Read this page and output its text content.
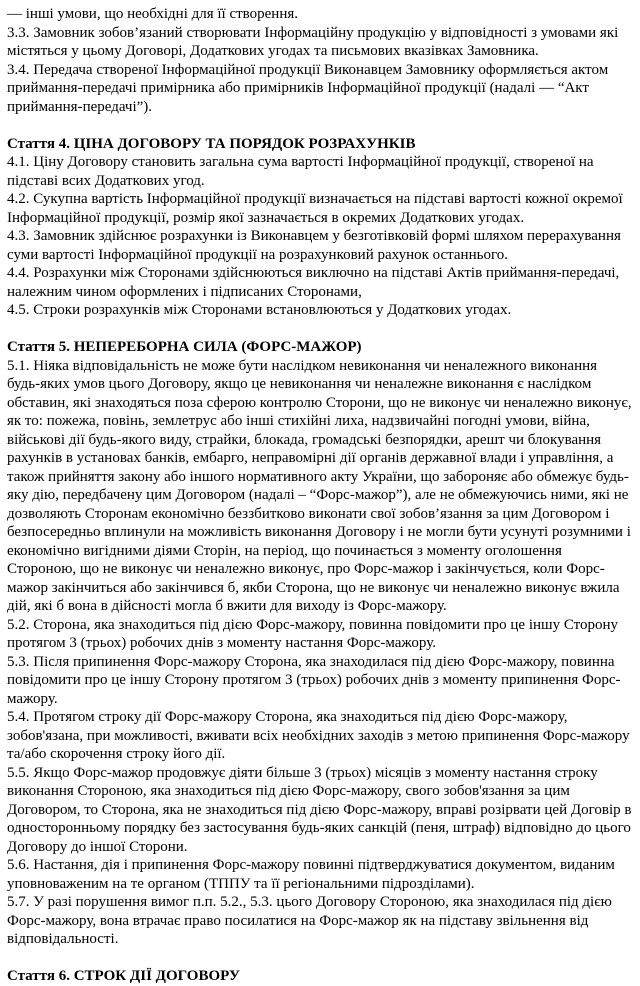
— інші умови, що необхідні для її створення.

3.3. Замовник зобов’язаний створювати Інформаційну продукцію у відповідності з умовами які містяться у цьому Договорі, Додаткових угодах та письмових вказівках Замовника.

3.4. Передача створеної Інформаційної продукції Виконавцем Замовнику оформляється актом приймання-передачі примірника або примірників Інформаційної продукції (надалі — “Акт приймання-передачі”).

Стаття 4. ЦІНА ДОГОВОРУ ТА ПОРЯДОК РОЗРАХУНКІВ

4.1. Ціну Договору становить загальна сума вартості Інформаційної продукції, створеної на підставі всих Додаткових угод.

4.2. Сукупна вартість Інформаційної продукції визначається на підставі вартості кожної окремої Інформаційної продукції, розмір якої зазначається в окремих Додаткових угодах.

4.3. Замовник здійснює розрахунки із Виконавцем у безготівковій формі шляхом перерахування суми вартості Інформаційної продукції на розрахунковий рахунок останнього.

4.4. Розрахунки між Сторонами здійснюються виключно на підставі Актів приймання-передачі, належним чином оформлених і підписаних Сторонами,

4.5. Строки розрахунків між Сторонами встановлюються у Додаткових угодах.

Стаття 5. НЕПЕРЕБОРНА СИЛА (ФОРС-МАЖОР)

5.1. Ніяка відповідальність не може бути наслідком невиконання чи неналежного виконання будь-яких умов цього Договору, якщо це невиконання чи неналежне виконання є наслідком обставин, які знаходяться поза сферою контролю Сторони, що не виконує чи неналежно виконує, як то: пожежа, повінь, землетрус або інші стихійні лиха, надзвичайні погодні умови, війна, військові дії будь-якого виду, страйки, блокада, громадські безпорядки, арешт чи блокування рахунків в установах банків, ембарго, неправомірні дії органів державної влади і управління, а також прийняття закону або іншого нормативного акту України, що забороняє або обмежує будь-яку дію, передбачену цим Договором (надалі – “Форс-мажор”), але не обмежуючись ними, які не дозволяють Сторонам економічно беззбитково виконати свої зобов’язання за цим Договором і безпосередньо вплинули на можливість виконання Договору і не могли бути усунуті розумними і економічно вигідними діями Сторін, на період, що починається з моменту оголошення Стороною, що не виконує чи неналежно виконує, про Форс-мажор і закінчується, коли Форс-мажор закінчиться або закінчився б, якби Сторона, що не виконує чи неналежно виконує вжила дій, які б вона в дійсності могла б вжити для виходу із Форс-мажору.

5.2. Сторона, яка знаходиться під дією Форс-мажору, повинна повідомити про це іншу Сторону протягом 3 (трьох) робочих днів з моменту настання Форс-мажору.

5.3. Після припинення Форс-мажору Сторона, яка знаходилася під дією Форс-мажору, повинна повідомити про це іншу Сторону протягом 3 (трьох) робочих днів з моменту припинення Форс-мажору.

5.4. Протягом строку дії Форс-мажору Сторона, яка знаходиться під дією Форс-мажору, зобов'язана, при можливості, вживати всіх необхідних заходів з метою припинення Форс-мажору та/або скорочення строку його дії.

5.5. Якщо Форс-мажор продовжує діяти більше 3 (трьох) місяців з моменту настання строку виконання Стороною, яка знаходиться під дією Форс-мажору, свого зобов'язання за цим Договором, то Сторона, яка не знаходиться під дією Форс-мажору, вправі розірвати цей Договір в односторонньому порядку без застосування будь-яких санкцій (пеня, штраф) відповідно до цього Договору до іншої Сторони.

5.6. Настання, дія і припинення Форс-мажору повинні підтверджуватися документом, виданим уповноваженим на те органом (ТППУ та її регіональними підрозділами).

5.7. У разі порушення вимог п.п. 5.2., 5.3. цього Договору Стороною, яка знаходилася під дією Форс-мажору, вона втрачає право посилатися на Форс-мажор як на підставу звільнення від відповідальності.

Стаття 6. СТРОК ДІЇ ДОГОВОРУ
